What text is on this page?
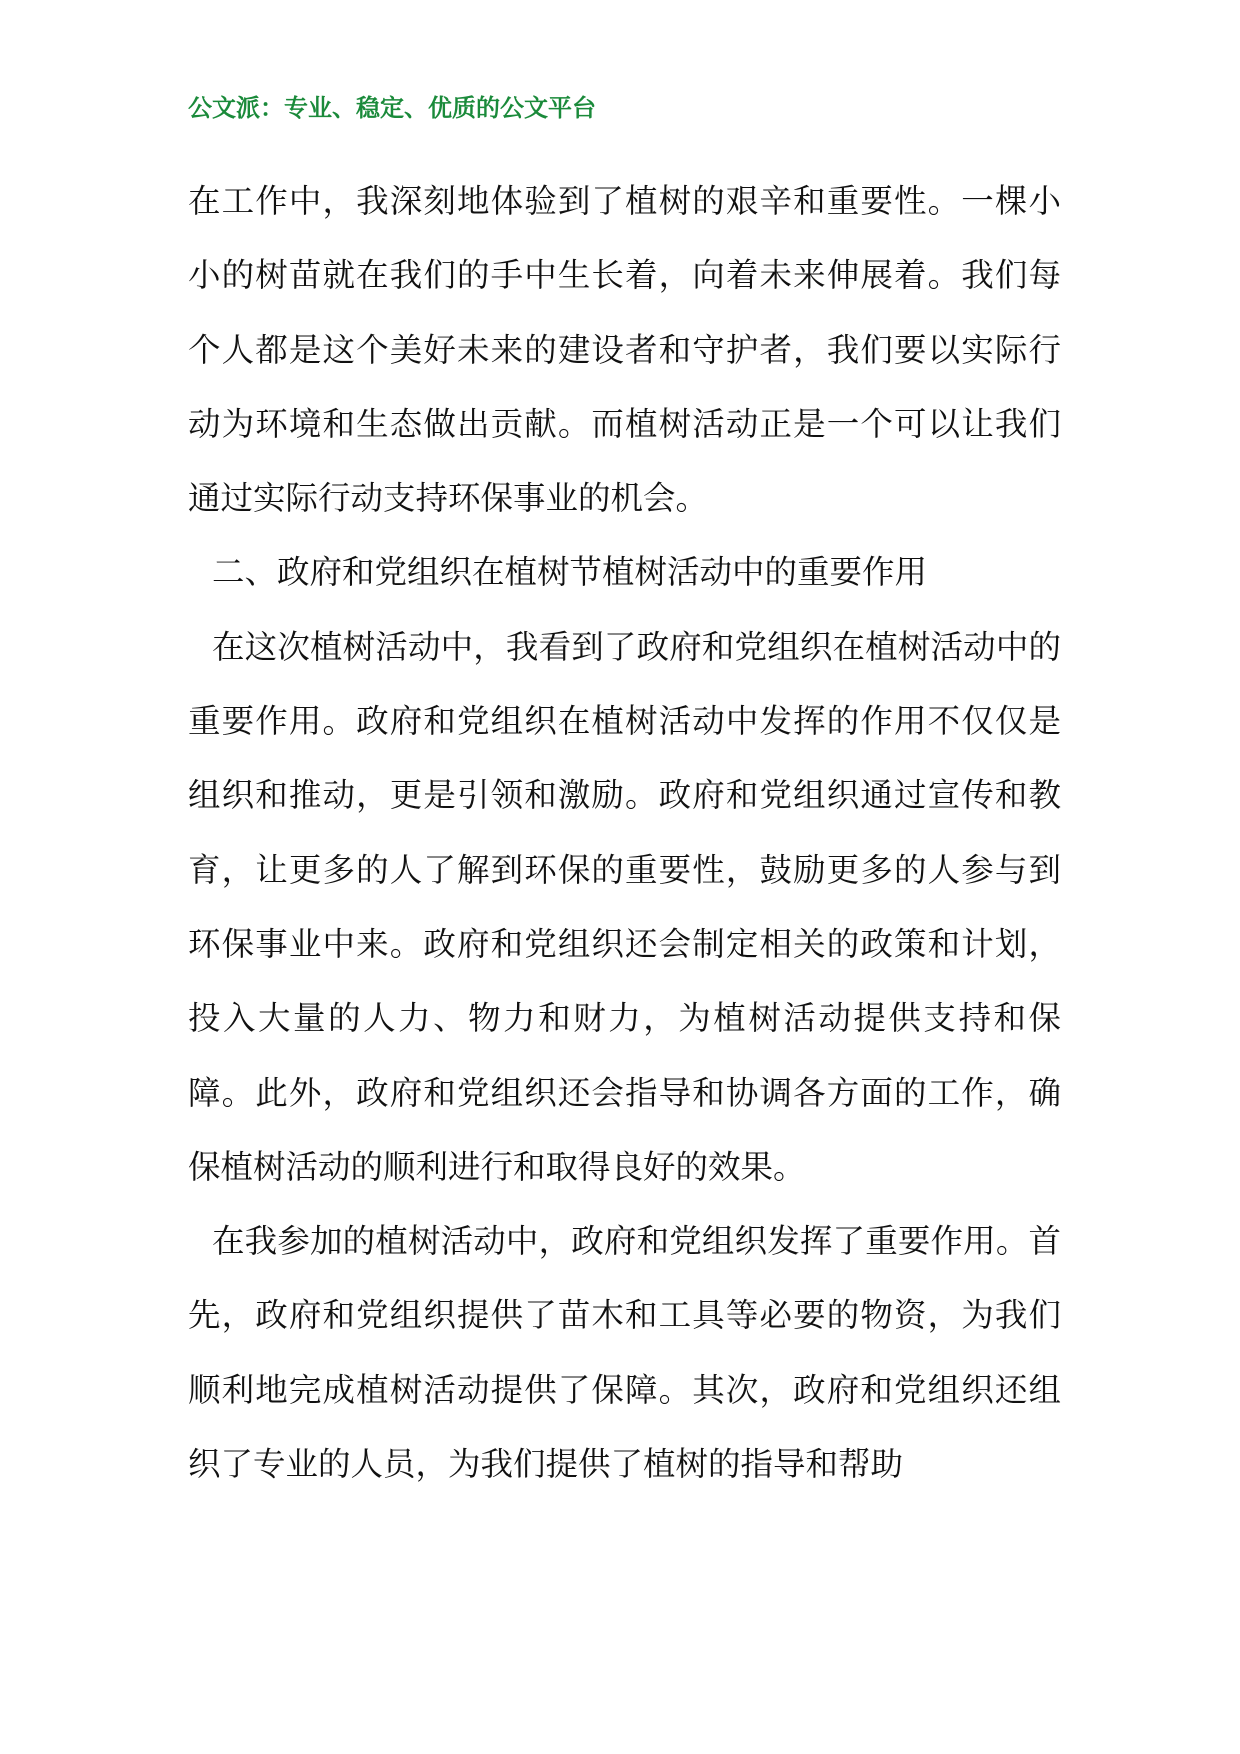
公文派：专业、稳定、优质的公文平台

在工作中，我深刻地体验到了植树的艰辛和重要性。一棵小小的树苗就在我们的手中生长着，向着未来伸展着。我们每个人都是这个美好未来的建设者和守护者，我们要以实际行动为环境和生态做出贡献。而植树活动正是一个可以让我们通过实际行动支持环保事业的机会。

二、政府和党组织在植树节植树活动中的重要作用

在这次植树活动中，我看到了政府和党组织在植树活动中的重要作用。政府和党组织在植树活动中发挥的作用不仅仅是组织和推动，更是引领和激励。政府和党组织通过宣传和教育，让更多的人了解到环保的重要性，鼓励更多的人参与到环保事业中来。政府和党组织还会制定相关的政策和计划，投入大量的人力、物力和财力，为植树活动提供支持和保障。此外，政府和党组织还会指导和协调各方面的工作，确保植树活动的顺利进行和取得良好的效果。

在我参加的植树活动中，政府和党组织发挥了重要作用。首先，政府和党组织提供了苗木和工具等必要的物资，为我们顺利地完成植树活动提供了保障。其次，政府和党组织还组织了专业的人员，为我们提供了植树的指导和帮助
